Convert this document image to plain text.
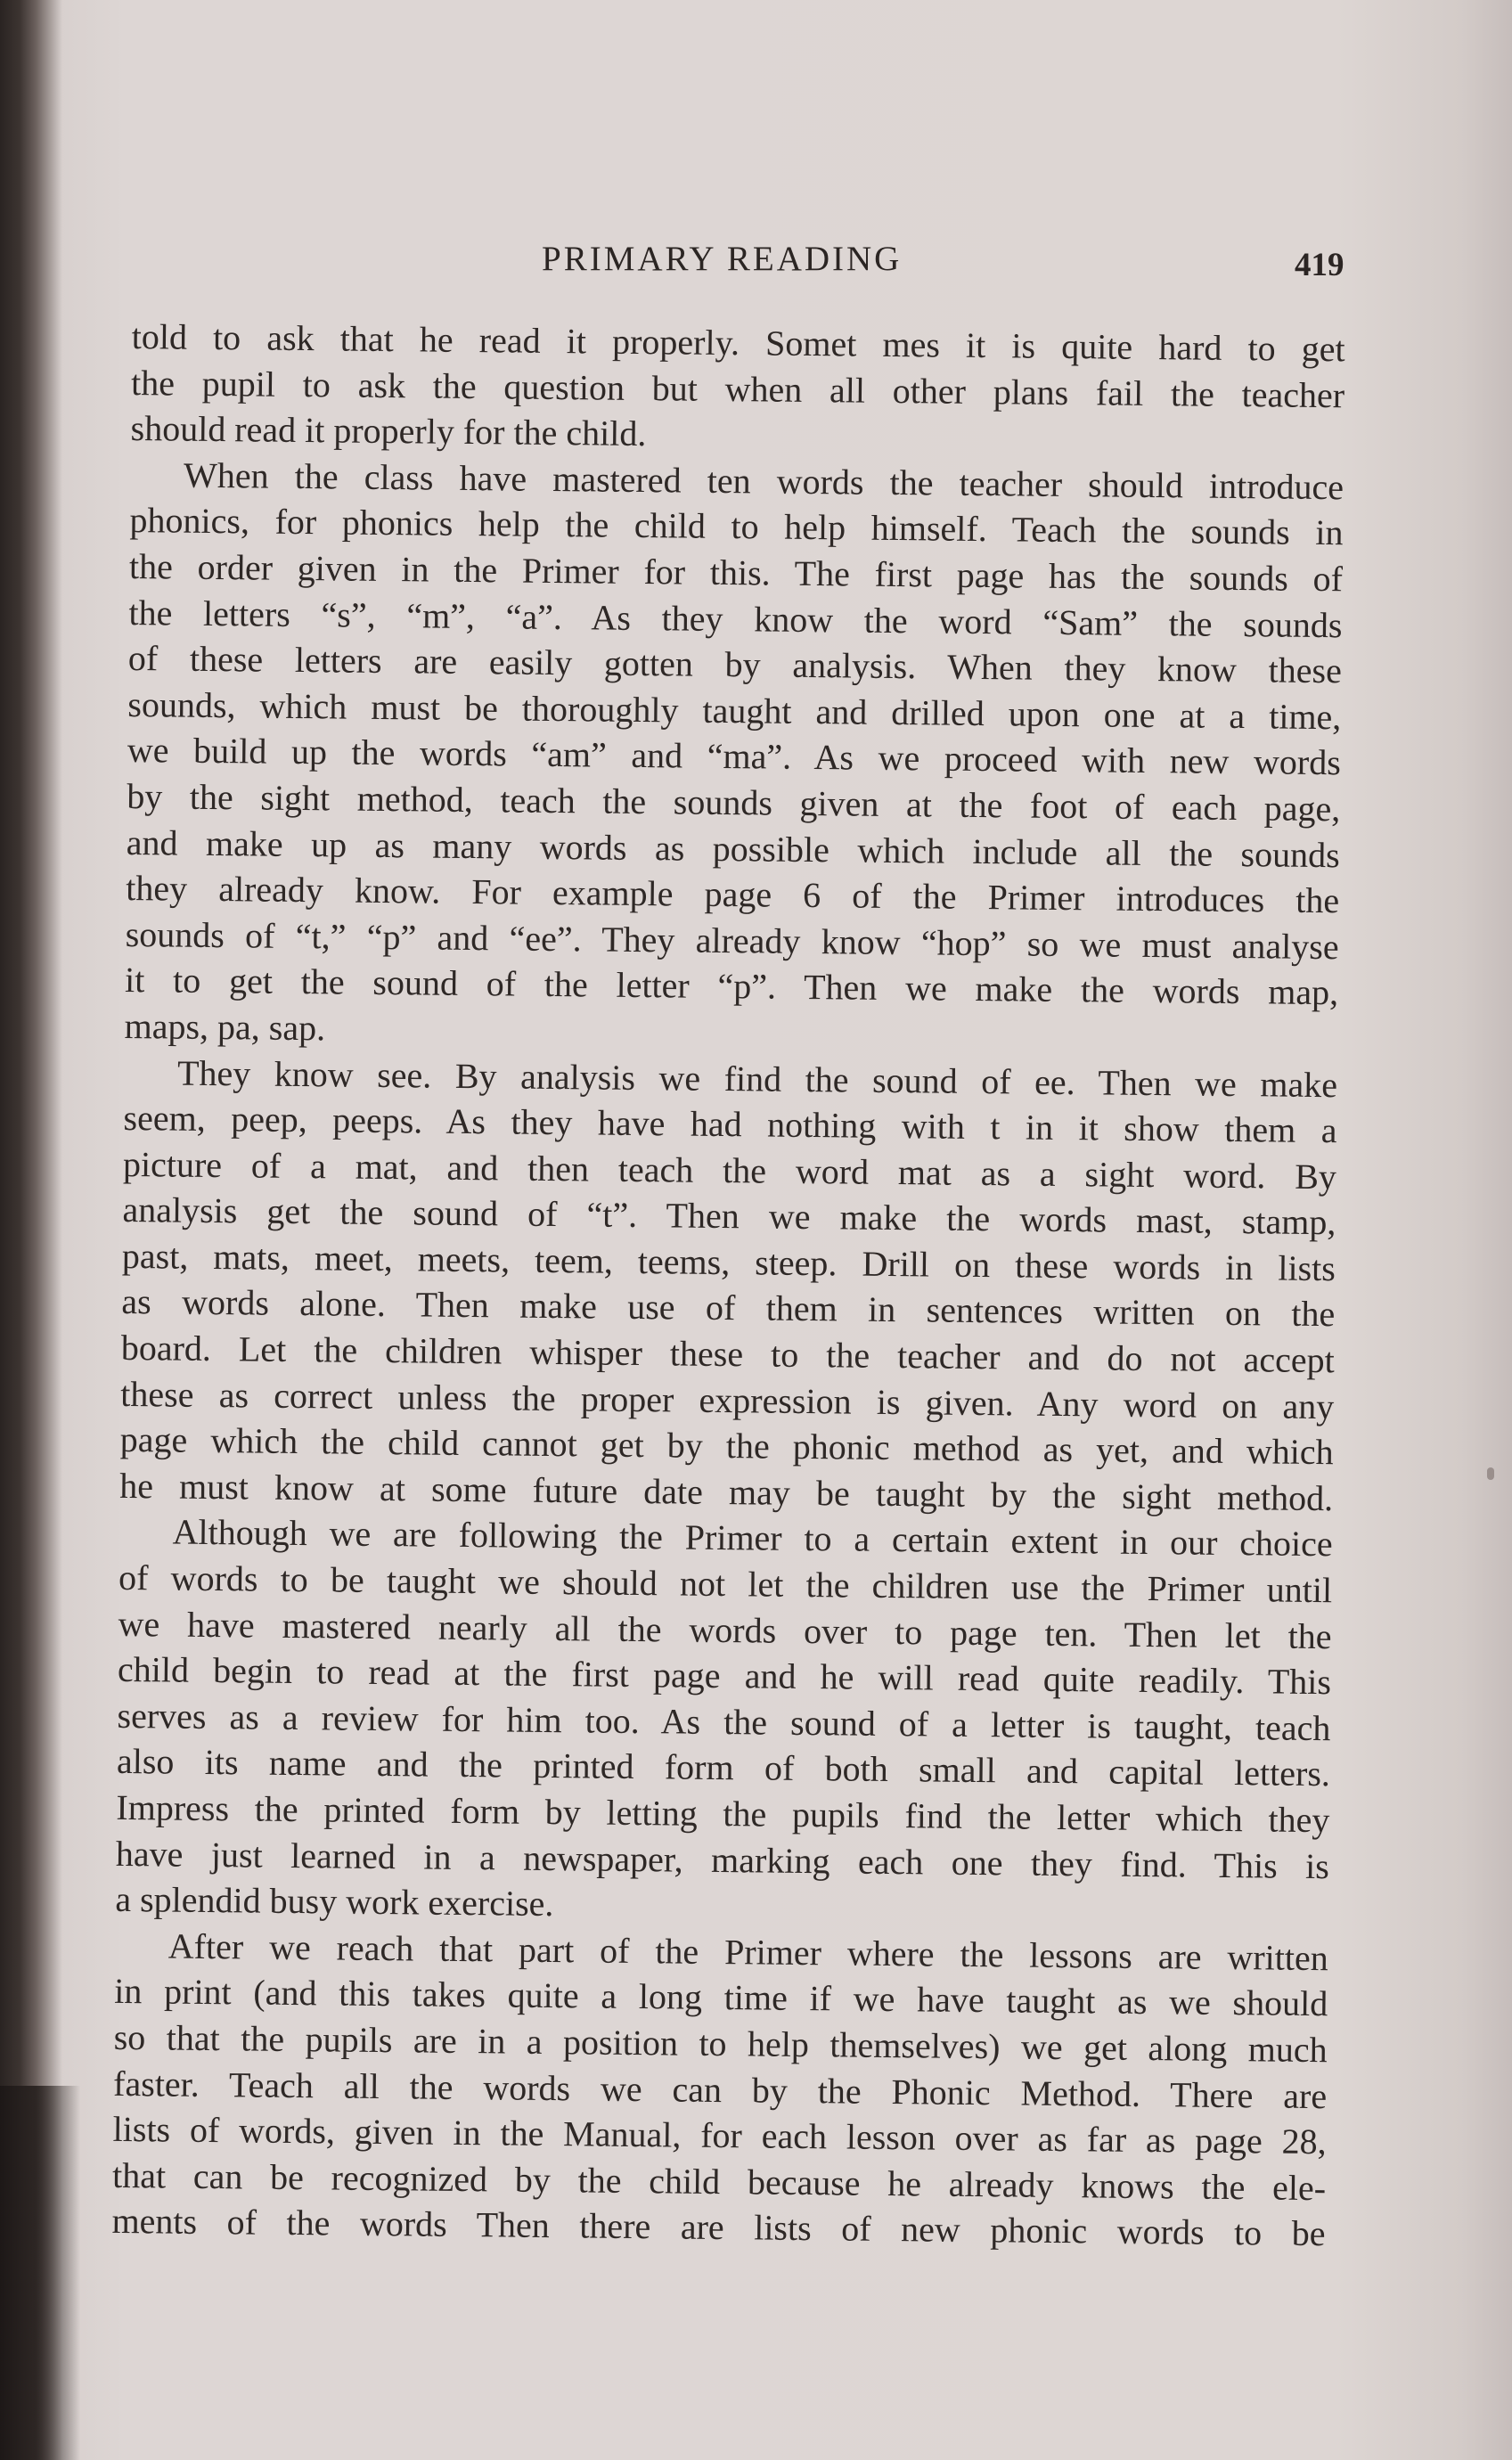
PRIMARY READING	419
told to ask that he read it properly. Somet mes it is quite hard to get
the pupil to ask the question but when all other plans fail the teacher
should read it properly for the child.
When the class have mastered ten words the teacher should introduce
phonics, for phonics help the child to help himself. Teach the sounds in
the order given in the Primer for this. The first page has the sounds of
the letters “s”, “m”, “a”. As they know the word “Sam” the sounds
of these letters are easily gotten by analysis. When they know these
sounds, which must be thoroughly taught and drilled upon one at a time,
we build up the words “am” and “ma”. As we proceed with new words
by the sight method, teach the sounds given at the foot of each page,
and make up as many words as possible which include all the sounds
they already know. For example page 6 of the Primer introduces the
sounds of “t,” “p” and “ee”. They already know “hop” so we must analyse
it to get the sound of the letter “p”. Then we make the words map,
maps, pa, sap.
They know see. By analysis we find the sound of ee. Then we make
seem, peep, peeps. As they have had nothing with t in it show them a
picture of a mat, and then teach the word mat as a sight word. By
analysis get the sound of “t”. Then we make the words mast, stamp,
past, mats, meet, meets, teem, teems, steep. Drill on these words in lists
as words alone. Then make use of them in sentences written on the
board. Let the children whisper these to the teacher and do not accept
these as correct unless the proper expression is given. Any word on any
page which the child cannot get by the phonic method as yet, and which
he must know at some future date may be taught by the sight method.
Although we are following the Primer to a certain extent in our choice
of words to be taught we should not let the children use the Primer until
we have mastered nearly all the words over to page ten. Then let the
child begin to read at the first page and he will read quite readily. This
serves as a review for him too. As the sound of a letter is taught, teach
also its name and the printed form of both small and capital letters.
Impress the printed form by letting the pupils find the letter which they
have just learned in a newspaper, marking each one they find. This is
a splendid busy work exercise.
After we reach that part of the Primer where the lessons are written
in print (and this takes quite a long time if we have taught as we should
so that the pupils are in a position to help themselves) we get along much
faster. Teach all the words we can by the Phonic Method. There are
lists of words, given in the Manual, for each lesson over as far as page 28,
that can be recognized by the child because he already knows the ele-
ments of the words Then there are lists of new phonic words to be
